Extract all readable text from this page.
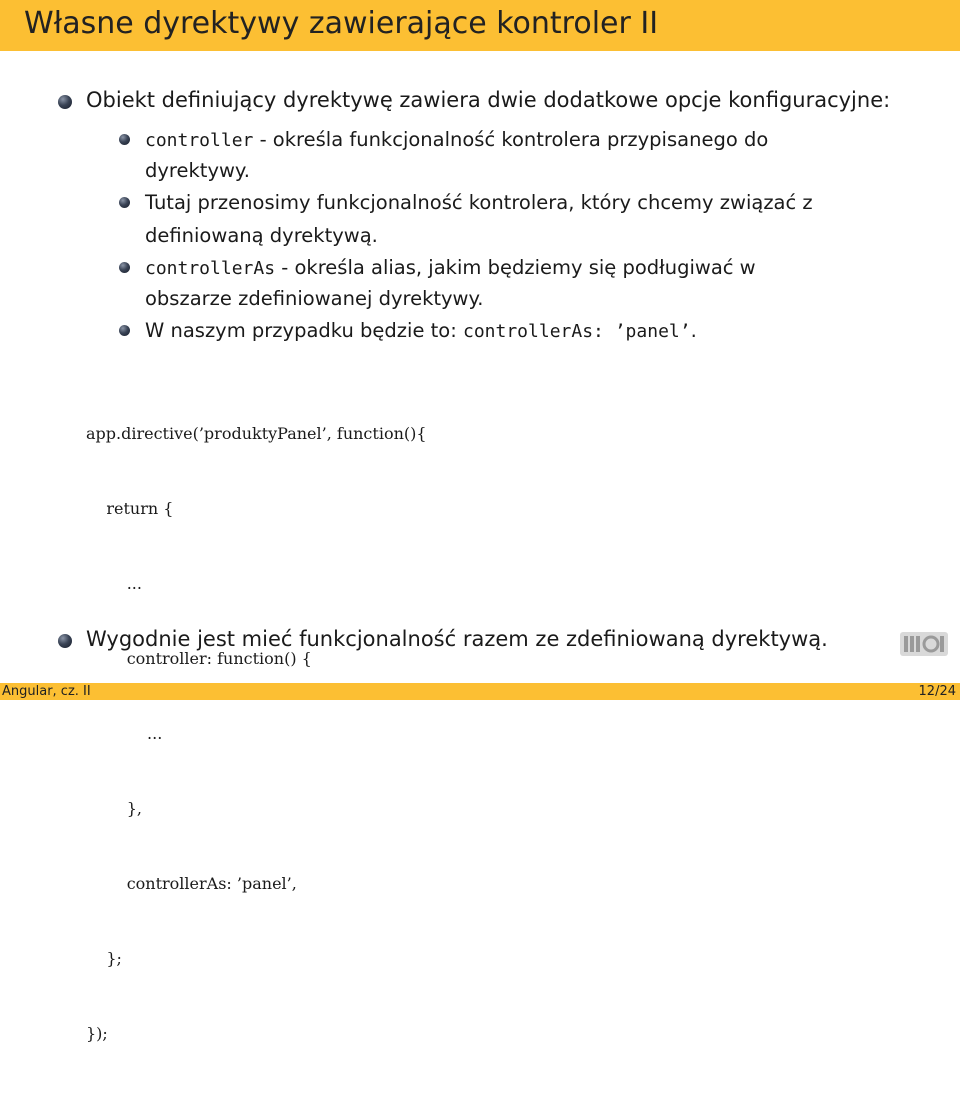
Własne dyrektywy zawierające kontroler II
Obiekt definiujący dyrektywę zawiera dwie dodatkowe opcje konfiguracyjne:
controller - określa funkcjonalność kontrolera przypisanego do
dyrektywy.
Tutaj przenosimy funkcjonalność kontrolera, który chcemy związać z
definiowaną dyrektywą.
controllerAs - określa alias, jakim będziemy się podługiwać w
obszarze zdefiniowanej dyrektywy.
W naszym przypadku będzie to: controllerAs: ’panel’.

app.directive(’produktyPanel’, function(){

return {

...

controller: function() {

...

},

controllerAs: ’panel’,

};

});

Wygodnie jest mieć funkcjonalność razem ze zdefiniowaną dyrektywą.
Angular, cz. II	12/24
